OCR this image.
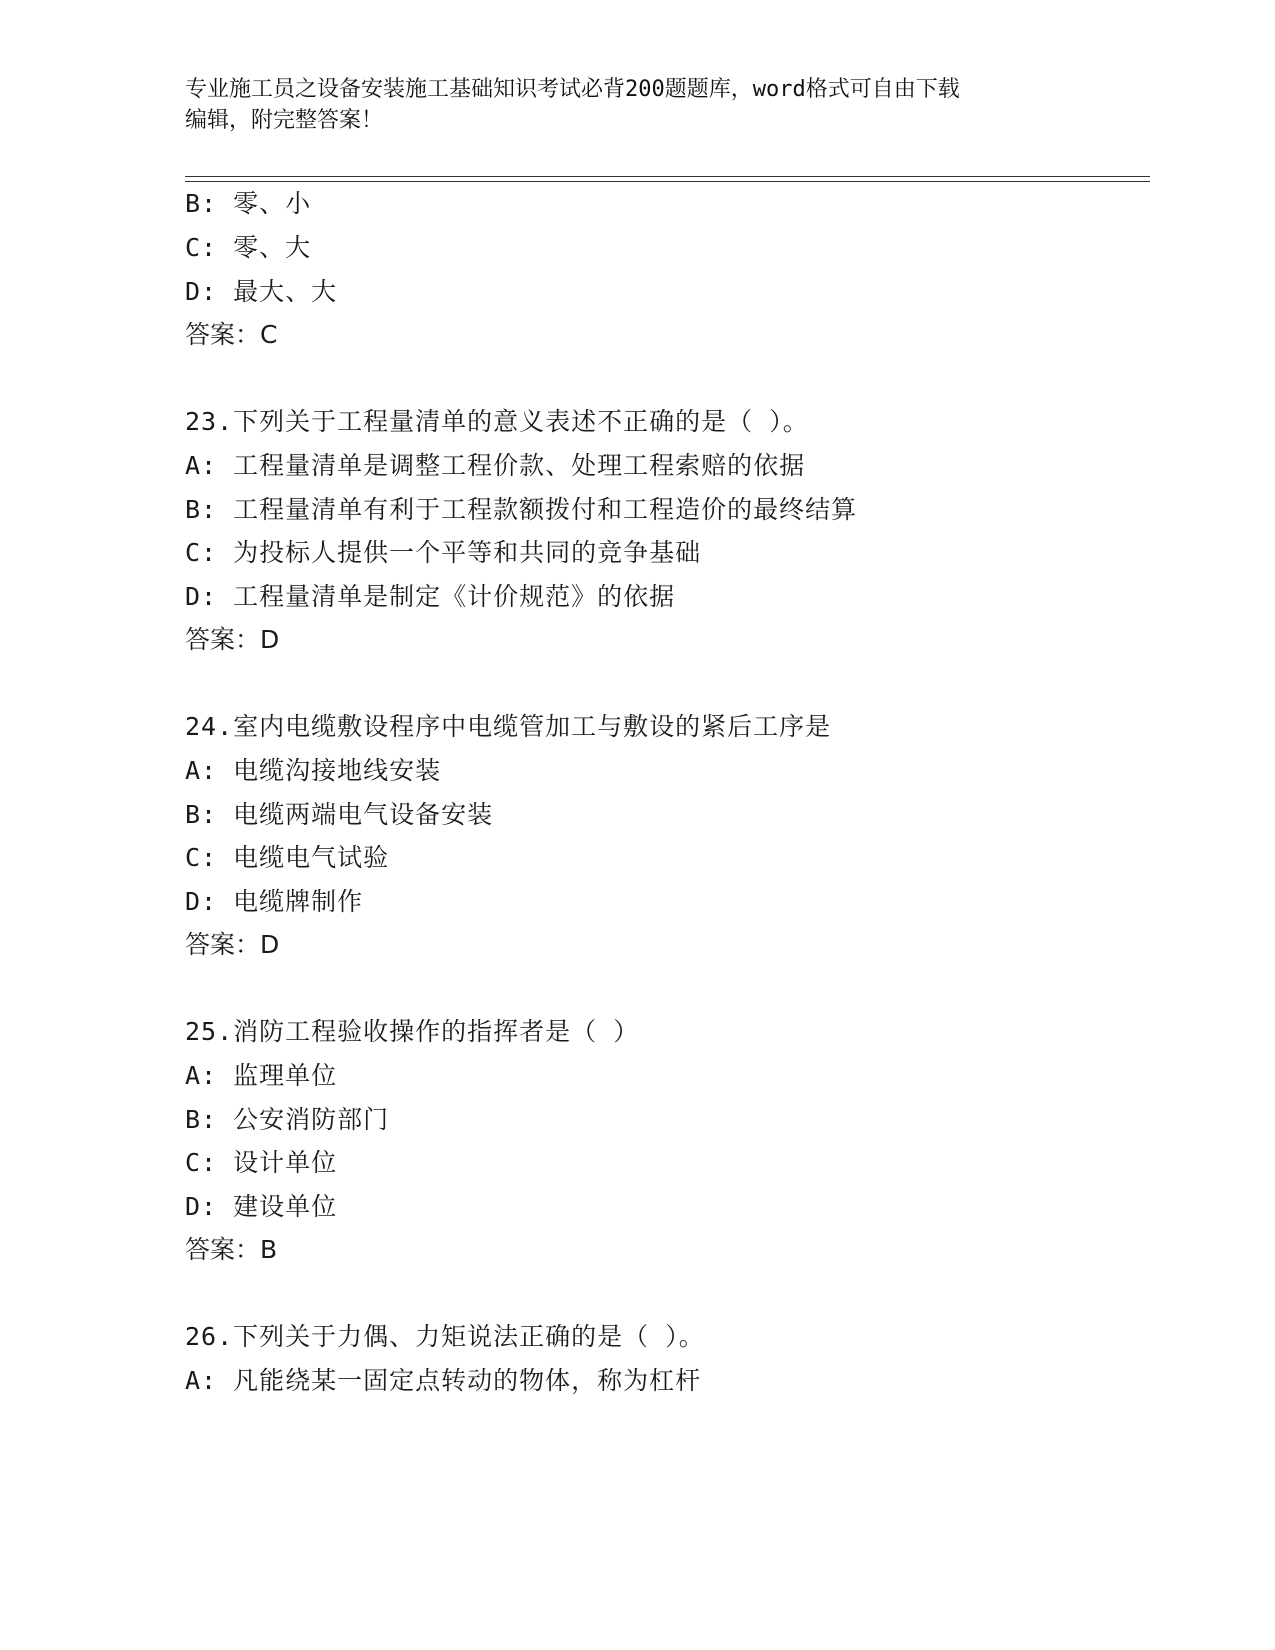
专业施工员之设备安装施工基础知识考试必背200题题库，word格式可自由下载
编辑，附完整答案！
B: 零、小
C: 零、大
D: 最大、大
答案：C
23.下列关于工程量清单的意义表述不正确的是（ ）。
A: 工程量清单是调整工程价款、处理工程索赔的依据
B: 工程量清单有利于工程款额拨付和工程造价的最终结算
C: 为投标人提供一个平等和共同的竞争基础
D: 工程量清单是制定《计价规范》的依据
答案：D
24.室内电缆敷设程序中电缆管加工与敷设的紧后工序是
A: 电缆沟接地线安装
B: 电缆两端电气设备安装
C: 电缆电气试验
D: 电缆牌制作
答案：D
25.消防工程验收操作的指挥者是（ ）
A: 监理单位
B: 公安消防部门
C: 设计单位
D: 建设单位
答案：B
26.下列关于力偶、力矩说法正确的是（ ）。
A: 凡能绕某一固定点转动的物体，称为杠杆
